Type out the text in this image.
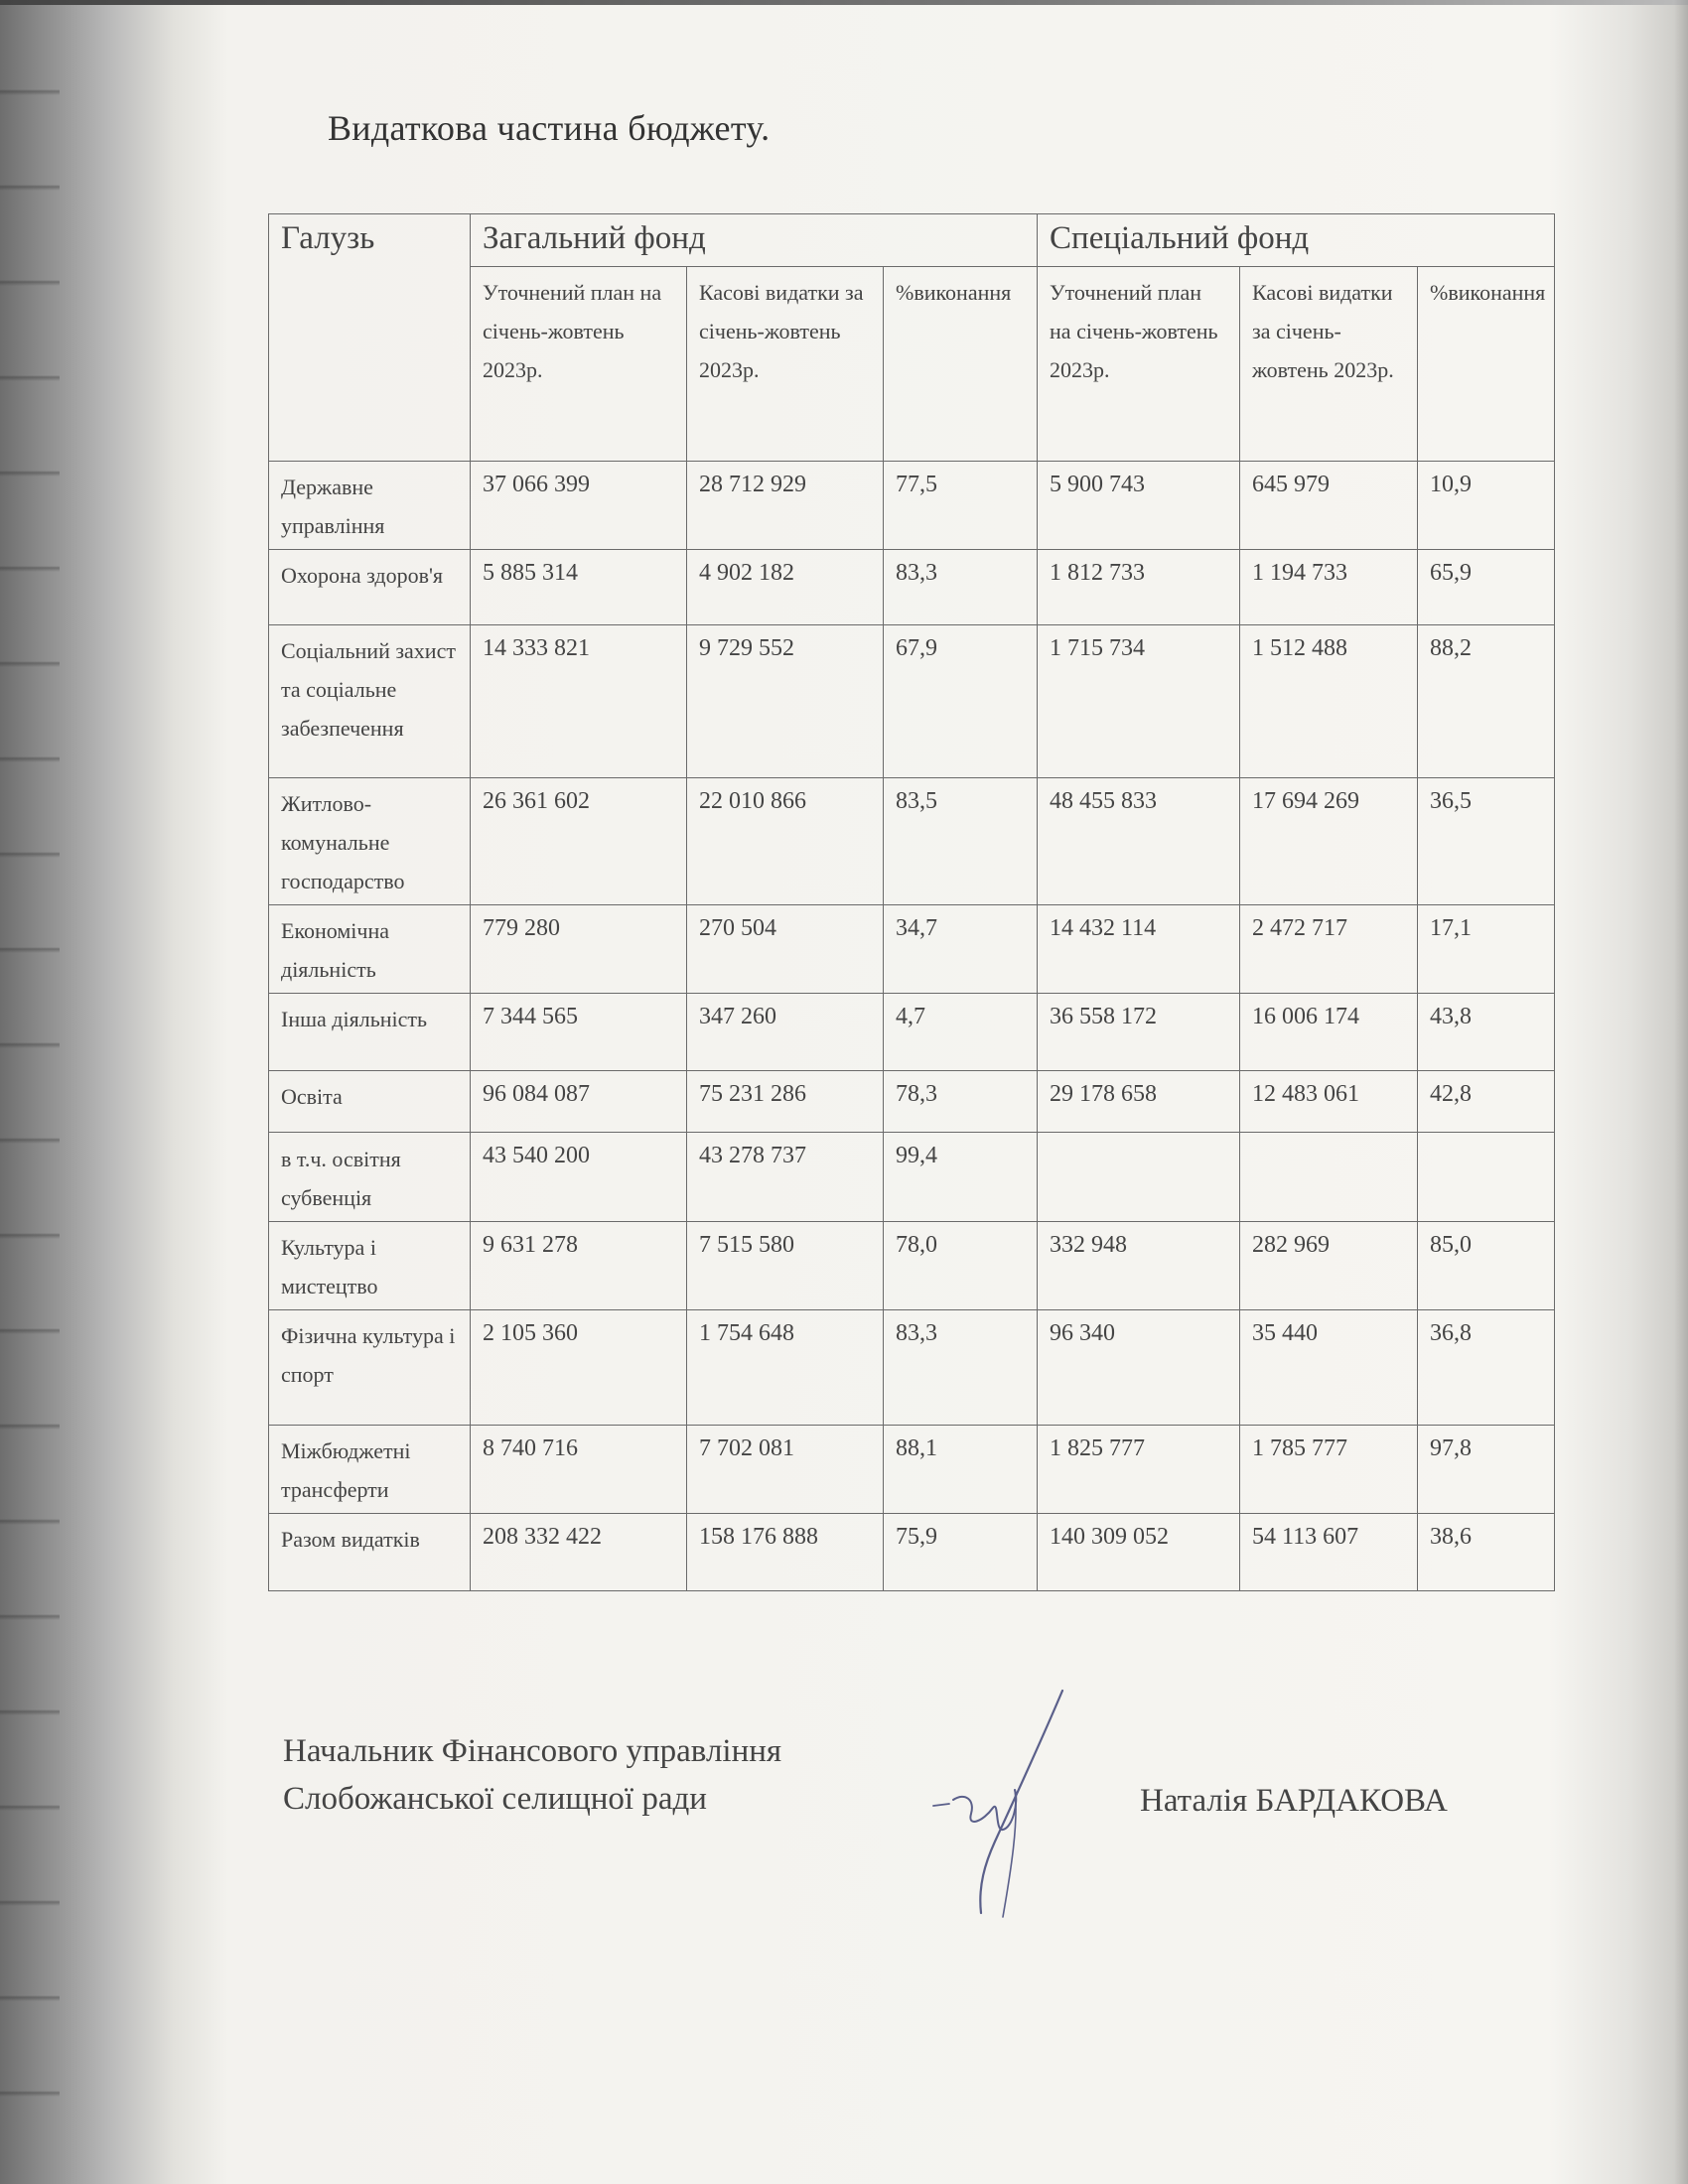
Видаткова частина бюджету.
Галузь	Загальний фонд			Спеціальний фонд		
	Уточнений план на січень-жовтень 2023р.	Касові видатки за січень-жовтень 2023р.	%виконання	Уточнений план на січень-жовтень 2023р.	Касові видатки за січень-жовтень 2023р.	%виконання
Державне управління	37 066 399	28 712 929	77,5	5 900 743	645 979	10,9
Охорона здоров'я	5 885 314	4 902 182	83,3	1 812 733	1 194 733	65,9
Соціальний захист та соціальне забезпечення	14 333 821	9 729 552	67,9	1 715 734	1 512 488	88,2
Житлово-комунальне господарство	26 361 602	22 010 866	83,5	48 455 833	17 694 269	36,5
Економічна діяльність	779 280	270 504	34,7	14 432 114	2 472 717	17,1
Інша діяльність	7 344 565	347 260	4,7	36 558 172	16 006 174	43,8
Освіта	96 084 087	75 231 286	78,3	29 178 658	12 483 061	42,8
в т.ч. освітня субвенція	43 540 200	43 278 737	99,4			
Культура і мистецтво	9 631 278	7 515 580	78,0	332 948	282 969	85,0
Фізична культура і спорт	2 105 360	1 754 648	83,3	96 340	35 440	36,8
Міжбюджетні трансферти	8 740 716	7 702 081	88,1	1 825 777	1 785 777	97,8
Разом видатків	208 332 422	158 176 888	75,9	140 309 052	54 113 607	38,6
Начальник Фінансового управління
Слобожанської селищної ради	Наталія БАРДАКОВА
